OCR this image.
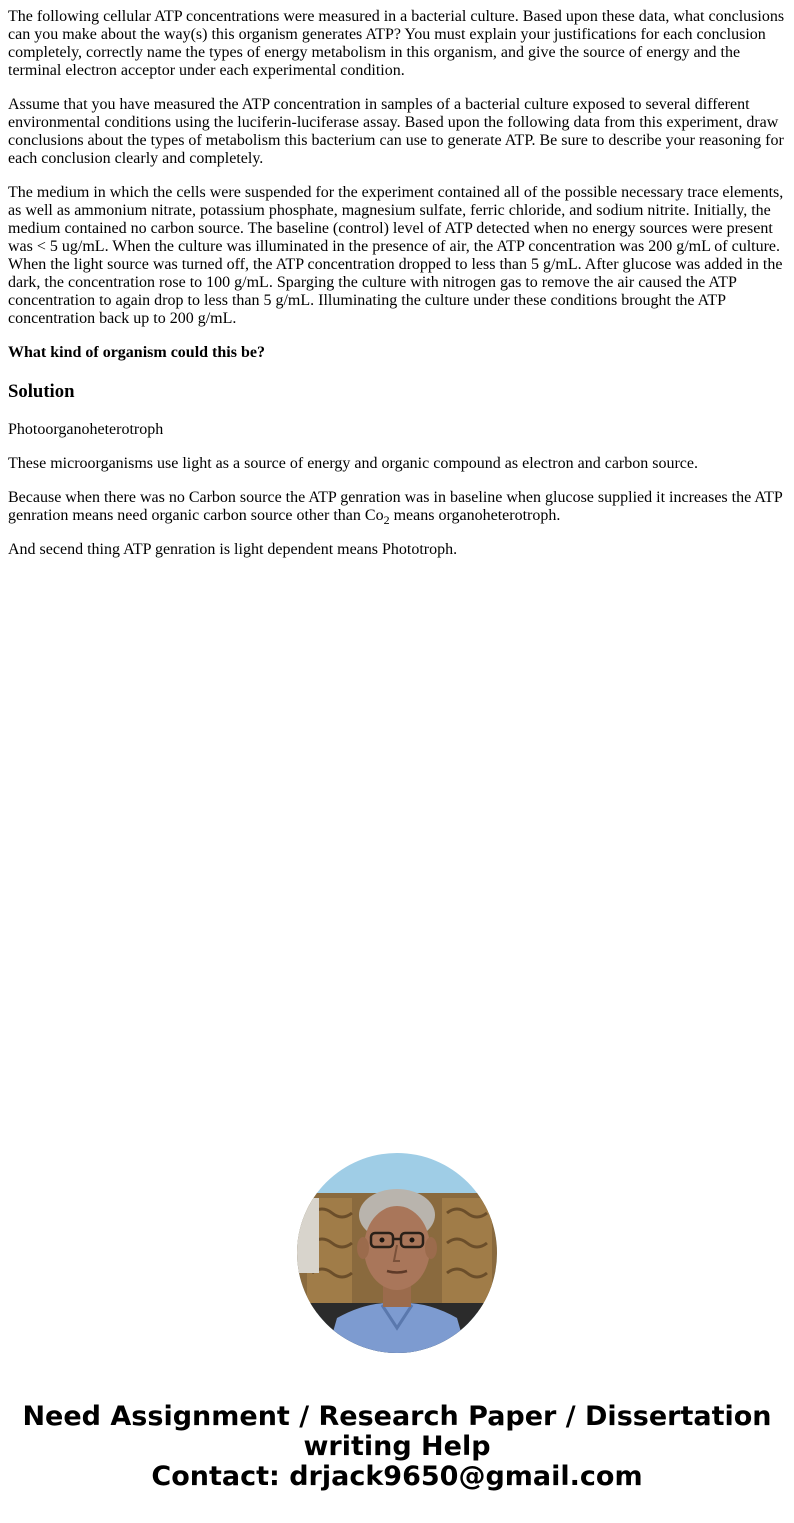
The following cellular ATP concentrations were measured in a bacterial culture. Based upon these data, what conclusions can you make about the way(s) this organism generates ATP? You must explain your justifications for each conclusion completely, correctly name the types of energy metabolism in this organism, and give the source of energy and the terminal electron acceptor under each experimental condition.

Assume that you have measured the ATP concentration in samples of a bacterial culture exposed to several different environmental conditions using the luciferin-luciferase assay. Based upon the following data from this experiment, draw conclusions about the types of metabolism this bacterium can use to generate ATP. Be sure to describe your reasoning for each conclusion clearly and completely.

The medium in which the cells were suspended for the experiment contained all of the possible necessary trace elements, as well as ammonium nitrate, potassium phosphate, magnesium sulfate, ferric chloride, and sodium nitrite. Initially, the medium contained no carbon source. The baseline (control) level of ATP detected when no energy sources were present was < 5 ug/mL. When the culture was illuminated in the presence of air, the ATP concentration was 200 g/mL of culture. When the light source was turned off, the ATP concentration dropped to less than 5 g/mL. After glucose was added in the dark, the concentration rose to 100 g/mL. Sparging the culture with nitrogen gas to remove the air caused the ATP concentration to again drop to less than 5 g/mL. Illuminating the culture under these conditions brought the ATP concentration back up to 200 g/mL.

What kind of organism could this be?

Solution

Photoorganoheterotroph

These microorganisms use light as a source of energy and organic compound as electron and carbon source.

Because when there was no Carbon source the ATP genration was in baseline when glucose supplied it increases the ATP genration means need organic carbon source other than $Co_2$ means organoheterotroph.

And secend thing ATP genration is light dependent means Phototroph.

Need Assignment / Research Paper / Dissertation
writing Help
Contact: drjack9650@gmail.com
